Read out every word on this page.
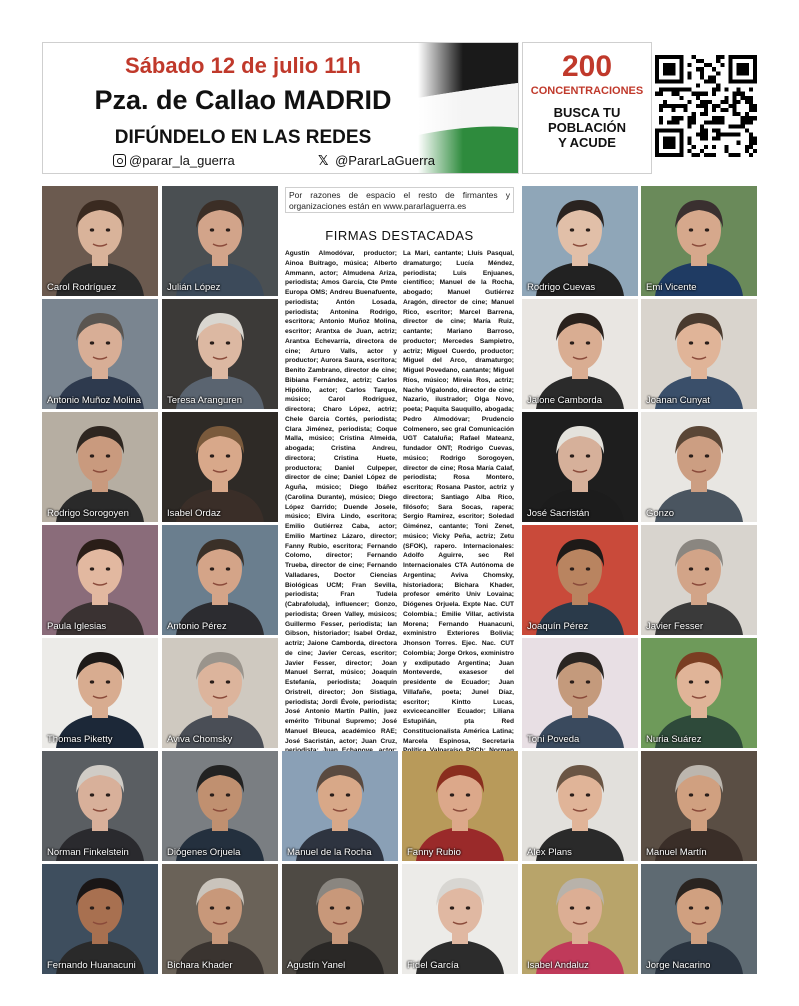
Sábado 12 de julio 11h
Pza. de Callao MADRID
DIFÚNDELO EN LAS REDES
@parar_la_guerra	𝕏 @PararLaGuerra
200
CONCENTRACIONES
BUSCA TU
POBLACIÓN
Y ACUDE
Por razones de espacio el resto de firmantes y organizaciones están en www.pararlaguerra.es
FIRMAS DESTACADAS
Agustín Almodóvar, productor; Ainoa Buitrago, música; Alberto Ammann, actor; Almudena Ariza, periodista; Amos García, Cte Pmte Europa OMS; Andreu Buenafuente, periodista; Antón Losada, periodista; Antonina Rodrigo, escritora; Antonio Muñoz Molina, escritor; Arantxa de Juan, actriz; Arantxa Echevarría, directora de cine; Arturo Valls, actor y productor; Aurora Saura, escritora; Benito Zambrano, director de cine; Bibiana Fernández, actriz; Carlos Hipólito, actor; Carlos Tarque, músico; Carol Rodríguez, directora; Charo López, actriz; Chele Garcia Cortés, periodista; Clara Jiménez, periodista; Coque Malla, músico; Cristina Almeida, abogada; Cristina Andreu, directora; Cristina Huete, productora; Daniel Culpeper, director de cine; Daniel López de Aguña, músico; Diego Ibáñez (Carolina Durante), músico; Diego López Garrido; Duende Josele, músico; Elvira Lindo, escritora; Emilio Gutiérrez Caba, actor; Emilio Martínez Lázaro, director; Fanny Rubio, escritora; Fernando Colomo, director; Fernando Trueba, director de cine; Fernando Valladares, Doctor Ciencias Biológicas UCM; Fran Sevilla, periodista; Fran Tudela (Cabrafoluda), influencer; Gonzo, periodista; Green Valley, músicos; Guillermo Fesser, periodista; Ian Gibson, historiador; Isabel Ordaz, actriz; Jaione Camborda, directora de cine; Javier Cercas, escritor; Javier Fesser, director; Joan Manuel Serrat, músico; Joaquín Estefanía, periodista; Joaquín Oristrell, director; Jon Sistiaga, periodista; Jordi Évole, periodista; José Antonio Martín Pallín, juez emérito Tribunal Supremo; José Manuel Bleuca, académico RAE; José Sacristán, actor; Juan Cruz,
La Mari, cantante; Lluís Pasqual, dramaturgo; Lucía Méndez, periodista; Luis Enjuanes, científico; Manuel de la Rocha, abogado; Manuel Gutiérrez Aragón, director de cine; Manuel Rico, escritor; Marcel Barrena, director de cine; María Ruiz, cantante; Mariano Barroso, productor; Mercedes Sampietro, actriz; Miguel Cuerdo, productor; Miguel del Arco, dramaturgo; Miguel Povedano, cantante; Miguel Ríos, músico; Mireia Ros, actriz; Nacho Vigalondo, director de cine; Nazario, ilustrador; Olga Novo, poeta; Paquita Sauquillo, abogada; Pedro Almodóvar; Prudencio Colmenero, sec gral Comunicación UGT Cataluña; Rafael Mateanz, fundador ONT; Rodrigo Cuevas, músico; Rodrigo Sorogoyen, director de cine; Rosa María Calaf, periodista; Rosa Montero, escritora; Rosana Pastor, actriz y directora; Santiago Alba Rico, filósofo; Sara Socas, rapera; Sergio Ramírez, escritor; Soledad Giménez, cantante; Toni Zenet, músico; Vicky Peña, actriz; Zetu (SFOK), rapero. Internacionales: Adolfo Aguirre, sec Rel Internacionales CTA Autónoma de Argentina; Aviva Chomsky, historiadora; Bichara Khader, profesor emérito Univ Lovaina; Diógenes Orjuela. Expte Nac. CUT Colombia.; Emilie Villar, activista Morena; Fernando Huanacuni, exministro Exteriores Bolivia; Jhonson Torres. Ejec. Nac. CUT Colombia; Jorge Orkos, exministro y exdiputado Argentina; Juan Monteverde, exasesor del presidente de Ecuador; Juan Villafañe, poeta; Junel Díaz, escritor; Kintto Lucas, exvicecanciller Ecuador; Liliana Estupiñán, pta Red Constitucionalista América Latina; Marcela Espinosa, Secretaria
Carol Rodríguez	Julián López	Rodrigo Cuevas	Emi Vicente
Antonio Muñoz Molina	Teresa Aranguren	Jaione Camborda	Joanan Cunyat
Rodrigo Sorogoyen	Isabel Ordaz	José Sacristán	Gonzo
Paula Iglesias	Antonio Pérez	Joaquín Pérez	Javier Fesser
Thomas Piketty	Aviva Chomsky	Toni Poveda	Nuria Suárez
Norman Finkelstein	Diógenes Orjuela	Manuel de la Rocha	Fanny Rubio	Alex Plans	Manuel Martín
Fernando Huanacuni	Bichara Khader	Agustín Yanel	Fidel García	Isabel Andaluz	Jorge Nacarino
